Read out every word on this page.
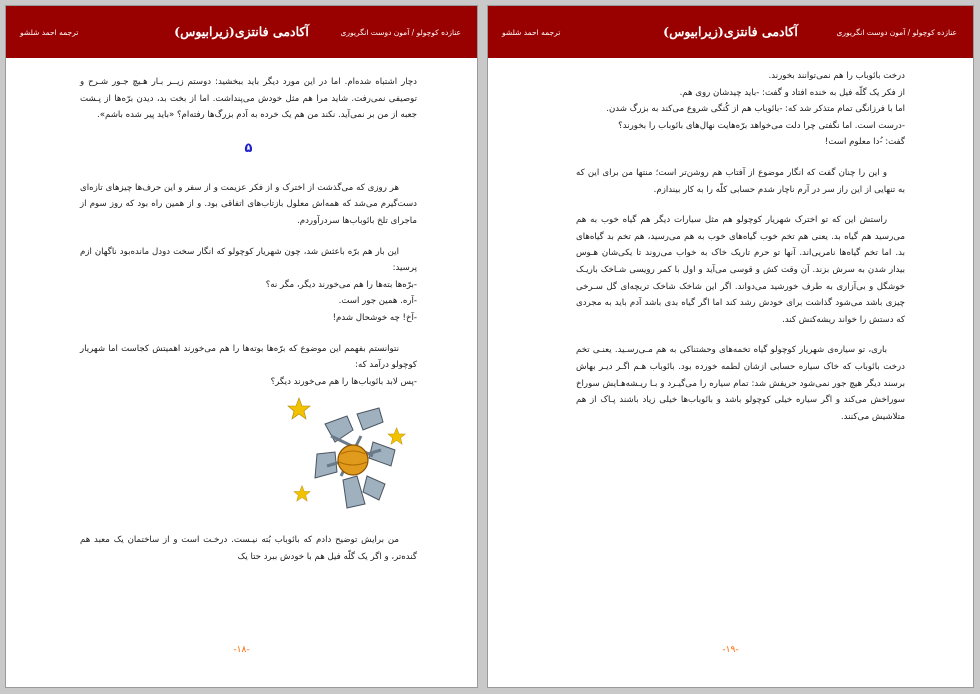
عنازده کوچولو / آمون دوست انگریوری
آکادمی فانتزی(زیرابیوس)
ترجمه احمد شلشو

دچار اشتباه شده‌ام. اما در این مورد دیگر باید ببخشید: دوستم زیــر بـار هـیچ جـور شـرح و توصیفی نمی‌رفت. شاید مرا هم مثل خودش می‌پنداشت. اما از بخت بد، دیدن برّه‌ها از پـشت جعبه از من بر نمی‌آید. نکند من هم یک خرده به آدم بزرگ‌ها رفته‌ام؟ «باید پیر شده باشم».

۵

هر روزی که می‌گذشت از اخترک و از فکر عزیمت و از سفر و این حرف‌ها چیزهای تازه‌ای دست‌گیرم می‌شد که همه‌اش معلول بازتاب‌های اتفاقی بود. و از همین راه بود که روز سوم از ماجرای تلخ بائوباب‌ها سردرآوردم.

این بار هم برّه باعثش شد، چون شهریار کوچولو که انگار سخت دودل مانده‌بود ناگهان ازم پرسید:

-برّه‌ها بته‌ها را هم می‌خورند دیگر، مگر نه؟

-آره. همین جور است.

-آخ! چه خوشحال شدم!

نتوانستم بفهمم این موضوع که برّه‌ها بوته‌ها را هم می‌خورند اهمیتش کجاست اما شهریار کوچولو درآمد که:

-پس لابد بائوباب‌ها را هم می‌خورند دیگر؟

من برایش توضیح دادم که بائوباب بُته نیـست. درخـت است و از ساختمان یک معبد هم گنده‌تر، و اگر یک گلّه فیل هم با خودش ببرد حتا یک

-۱۸-
عنازده کوچولو / آمون دوست انگریوری
آکادمی فانتزی(زیرابیوس)
ترجمه احمد شلشو

درخت بائوباب را هم نمی‌توانند بخورند.

از فکر یک گلّه فیل به خنده افتاد و گفت: -باید چیدشان روی هم.

اما با فرزانگی تمام متذکر شد که: -بائوباب هم از کُنگی شروع می‌کند به بزرگ شدن.

-درست است. اما نگفتی چرا دلت می‌خواهد برّه‌هایت نهال‌های بائوباب را بخورند؟

گفت: -ُدا معلوم است!

و این را چنان گفت که انگار موضوع از آفتاب هم روشن‌تر است؛ منتها من برای این که به تنهایی از این راز سر در آرم ناچار شدم حسابی کلّه را به کار بیندازم.

راستش این که تو اخترک شهریار کوچولو هم مثل سیارات دیگر هم گیاه خوب به هم می‌رسید هم گیاه بد. یعنی هم تخم خوب گیاه‌های خوب به هم می‌رسید، هم تخم بد گیاه‌های بد. اما تخم گیاه‌ها نامریی‌اند. آنها تو حرم تاریک خاک به خواب می‌روند تا یکی‌شان هـوس بیدار شدن به سرش بزند. آن وقت کش و قوسی می‌آید و اول با کمر رویسی شـاخک باریـک خوشگل و بی‌آزاری به طرف خورشید می‌دواند. اگر این شاخک شاخک تربچه‌ای گل سـرخی چیزی باشد می‌شود گذاشت برای خودش رشد کند اما اگر گیاه بدی باشد آدم باید به مجردی که دستش را خواند ریشه‌کنش کند.

باری، تو سیاره‌ی شهریار کوچولو گیاه تخمه‌های وحشتناکی به هم مـی‌رسـید. یعنـی تخم درخت بائوباب که خاک سیاره حسابی ازشان لطمه خورده بود. بائوباب هـم اگـر دیـر بهاش برسند دیگر هیچ جور نمی‌شود حریفش شد: تمام سیاره را می‌گیـرد و بـا ریـشه‌هـایش سوراخ سوراخش می‌کند و اگر سیاره خیلی کوچولو باشد و بائوباب‌ها خیلی زیاد باشند پـاک از هم متلاشیش می‌کنند.

-۱۹-
